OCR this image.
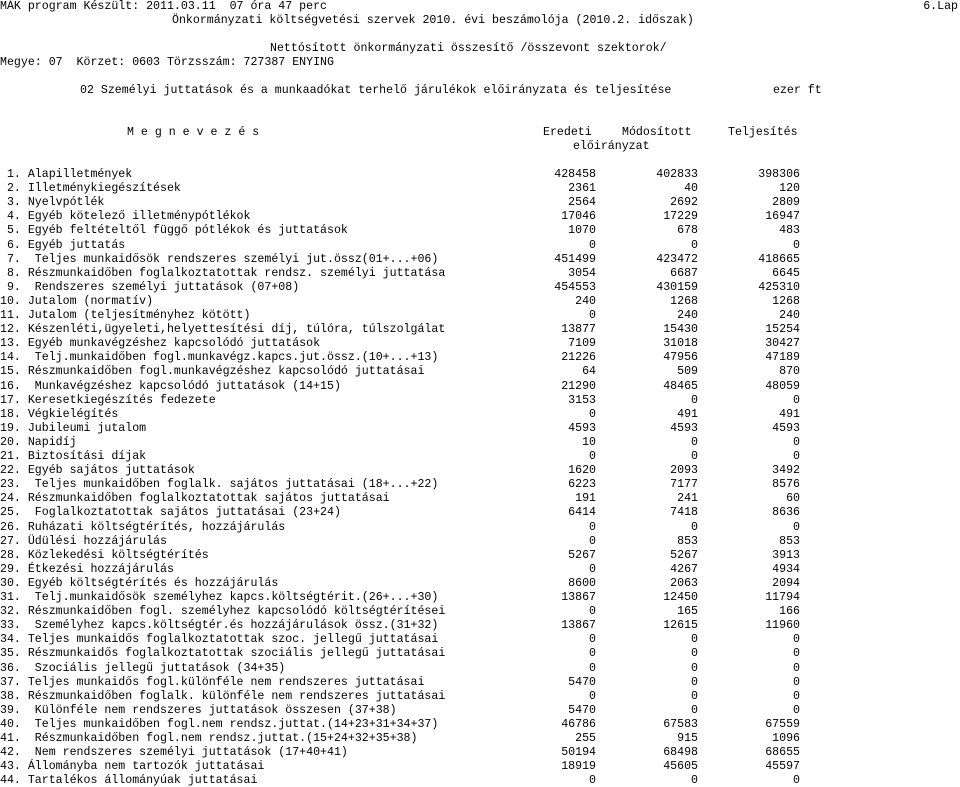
MÁK program Készült: 2011.03.11  07 óra 47 perc	6.Lap
Önkormányzati költségvetési szervek 2010. évi beszámolója (2010.2. időszak)
Nettósított önkormányzati összesítő /összevont szektorok/
Megye: 07  Körzet: 0603 Törzsszám: 727387 ENYING
02 Személyi juttatások és a munkaadókat terhelő járulékok előirányzata és teljesítése	ezer ft
M e g n e v e z é s	Eredeti	Módosított	Teljesítés
előirányzat
1. Alapilletmények	428458	402833	398306
2. Illetménykiegészítések	2361	40	120
3. Nyelvpótlék	2564	2692	2809
4. Egyéb kötelező illetménypótlékok	17046	17229	16947
5. Egyéb feltételtől függő pótlékok és juttatások	1070	678	483
6. Egyéb juttatás	0	0	0
7.  Teljes munkaidősök rendszeres személyi jut.össz(01+...+06)	451499	423472	418665
8. Részmunkaidőben foglalkoztatottak rendsz. személyi juttatása	3054	6687	6645
9.  Rendszeres személyi juttatások (07+08)	454553	430159	425310
10. Jutalom (normatív)	240	1268	1268
11. Jutalom (teljesítményhez kötött)	0	240	240
12. Készenléti,ügyeleti,helyettesítési díj, túlóra, túlszolgálat	13877	15430	15254
13. Egyéb munkavégzéshez kapcsolódó juttatások	7109	31018	30427
14.  Telj.munkaidőben fogl.munkavégz.kapcs.jut.össz.(10+...+13)	21226	47956	47189
15. Részmunkaidőben fogl.munkavégzéshez kapcsolódó juttatásai	64	509	870
16.  Munkavégzéshez kapcsolódó juttatások (14+15)	21290	48465	48059
17. Keresetkiegészítés fedezete	3153	0	0
18. Végkielégítés	0	491	491
19. Jubileumi jutalom	4593	4593	4593
20. Napidíj	10	0	0
21. Biztosítási díjak	0	0	0
22. Egyéb sajátos juttatások	1620	2093	3492
23.  Teljes munkaidőben foglalk. sajátos juttatásai (18+...+22)	6223	7177	8576
24. Részmunkaidőben foglalkoztatottak sajátos juttatásai	191	241	60
25.  Foglalkoztatottak sajátos juttatásai (23+24)	6414	7418	8636
26. Ruházati költségtérítés, hozzájárulás	0	0	0
27. Üdülési hozzájárulás	0	853	853
28. Közlekedési költségtérítés	5267	5267	3913
29. Étkezési hozzájárulás	0	4267	4934
30. Egyéb költségtérítés és hozzájárulás	8600	2063	2094
31.  Telj.munkaidősök személyhez kapcs.költségtérit.(26+...+30)	13867	12450	11794
32. Részmunkaidőben fogl. személyhez kapcsolódó költségtérítései	0	165	166
33.  Személyhez kapcs.költségtér.és hozzájárulások össz.(31+32)	13867	12615	11960
34. Teljes munkaidős foglalkoztatottak szoc. jellegű juttatásai	0	0	0
35. Részmunkaidős foglalkoztatottak szociális jellegű juttatásai	0	0	0
36.  Szociális jellegű juttatások (34+35)	0	0	0
37. Teljes munkaidős fogl.különféle nem rendszeres juttatásai	5470	0	0
38. Részmunkaidőben foglalk. különféle nem rendszeres juttatásai	0	0	0
39.  Különféle nem rendszeres juttatások összesen (37+38)	5470	0	0
40.  Teljes munkaidőben fogl.nem rendsz.juttat.(14+23+31+34+37)	46786	67583	67559
41.  Részmunkaidőben fogl.nem rendsz.juttat.(15+24+32+35+38)	255	915	1096
42.  Nem rendszeres személyi juttatások (17+40+41)	50194	68498	68655
43. Állományba nem tartozók juttatásai	18919	45605	45597
44. Tartalékos állományúak juttatásai	0	0	0
